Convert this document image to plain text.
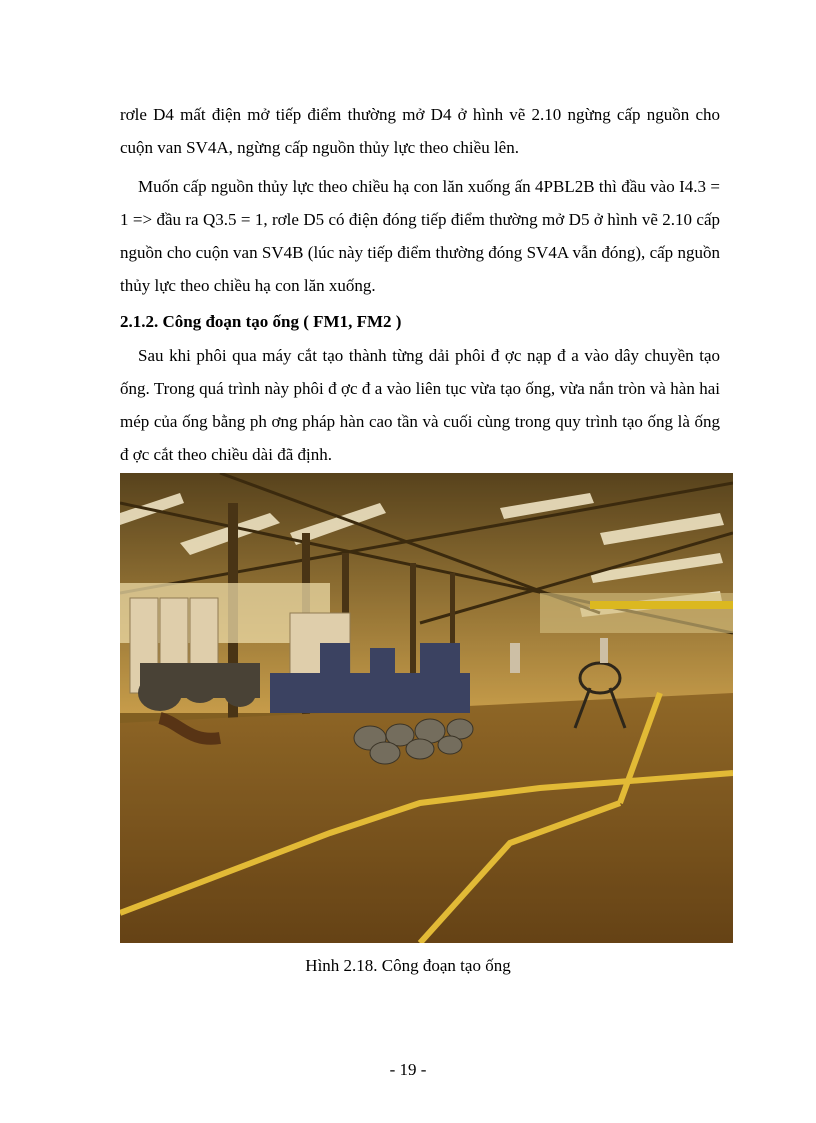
rơle D4 mất điện mở tiếp điểm thường mở D4 ở hình vẽ 2.10 ngừng cấp nguồn cho cuộn van SV4A, ngừng cấp nguồn thủy lực theo chiều lên.

Muốn cấp nguồn thủy lực theo chiều hạ con lăn xuống ấn 4PBL2B thì đầu vào I4.3 = 1 => đầu ra Q3.5 = 1, rơle D5 có điện đóng tiếp điểm thường mở D5 ở hình vẽ 2.10 cấp nguồn cho cuộn van SV4B (lúc này tiếp điểm thường đóng SV4A vẫn đóng), cấp nguồn thủy lực theo chiều hạ con lăn xuống.

2.1.2. Công đoạn tạo ống ( FM1, FM2 )

Sau khi phôi qua máy cắt tạo thành từng dải phôi đ ợc nạp đ a vào dây chuyền tạo ống. Trong quá trình này phôi đ ợc đ a vào liên tục vừa tạo ống, vừa nắn tròn và hàn hai mép của ống bằng ph ơng pháp hàn cao tần và cuối cùng trong quy trình tạo ống là ống đ ợc cắt theo chiều dài đã định.

Hình 2.18. Công đoạn tạo ống

- 19 -
